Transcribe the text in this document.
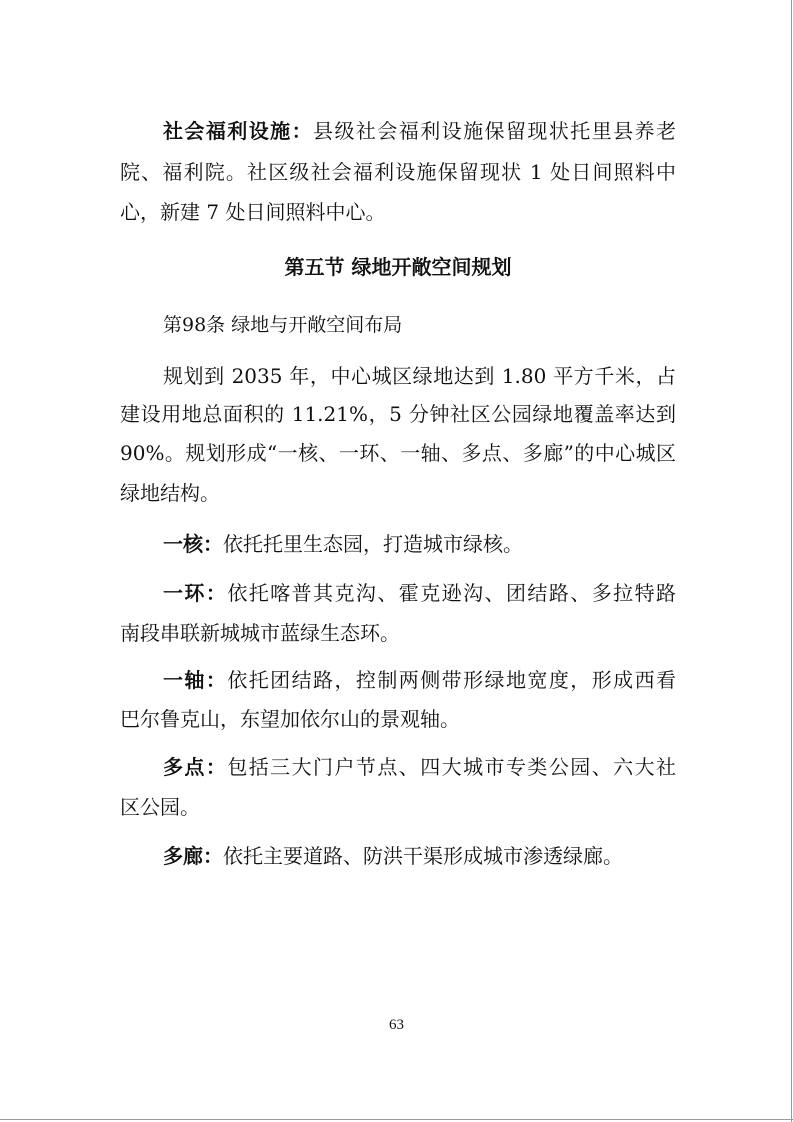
社会福利设施：县级社会福利设施保留现状托里县养老
院、福利院。社区级社会福利设施保留现状 1 处日间照料中
心，新建 7 处日间照料中心。
第五节 绿地开敞空间规划
第98条 绿地与开敞空间布局
规划到 2035 年，中心城区绿地达到 1.80 平方千米，占
建设用地总面积的 11.21%，5 分钟社区公园绿地覆盖率达到
90%。规划形成“一核、一环、一轴、多点、多廊”的中心城区
绿地结构。
一核：依托托里生态园，打造城市绿核。
一环：依托喀普其克沟、霍克逊沟、团结路、多拉特路
南段串联新城城市蓝绿生态环。
一轴：依托团结路，控制两侧带形绿地宽度，形成西看
巴尔鲁克山，东望加依尔山的景观轴。
多点：包括三大门户节点、四大城市专类公园、六大社
区公园。
多廊：依托主要道路、防洪干渠形成城市渗透绿廊。
63
